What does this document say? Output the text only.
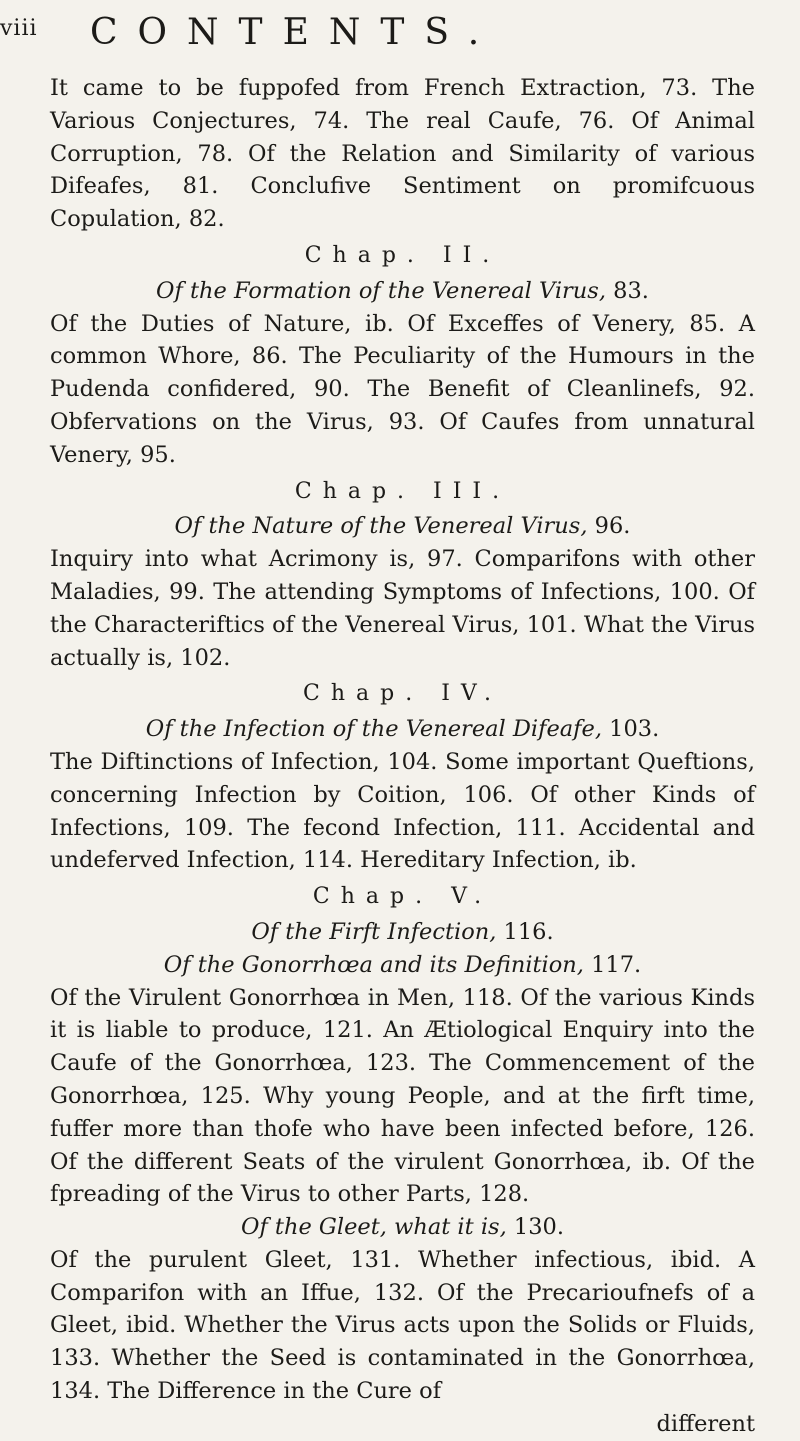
viii CONTENTS.

It came to be fuppofed from French Extraction, 73. The Various Conjectures, 74. The real Caufe, 76. Of Animal Corruption, 78. Of the Relation and Similarity of various Difeafes, 81. Conclufive Sentiment on promifcuous Copulation, 82.

Chap. II.

Of the Formation of the Venereal Virus, 83.

Of the Duties of Nature, ib. Of Exceffes of Venery, 85. A common Whore, 86. The Peculiarity of the Humours in the Pudenda confidered, 90. The Benefit of Cleanlinefs, 92. Obfervations on the Virus, 93. Of Caufes from unnatural Venery, 95.

Chap. III.

Of the Nature of the Venereal Virus, 96.

Inquiry into what Acrimony is, 97. Comparifons with other Maladies, 99. The attending Symptoms of Infections, 100. Of the Characteriftics of the Venereal Virus, 101. What the Virus actually is, 102.

Chap. IV.

Of the Infection of the Venereal Difeafe, 103.

The Diftinctions of Infection, 104. Some important Queftions, concerning Infection by Coition, 106. Of other Kinds of Infections, 109. The fecond Infection, 111. Accidental and undeferved Infection, 114. Hereditary Infection, ib.

Chap. V.

Of the Firft Infection, 116.

Of the Gonorrhœa and its Definition, 117.

Of the Virulent Gonorrhœa in Men, 118. Of the various Kinds it is liable to produce, 121. An Ætiological Enquiry into the Caufe of the Gonorrhœa, 123. The Commencement of the Gonorrhœa, 125. Why young People, and at the firft time, fuffer more than thofe who have been infected before, 126. Of the different Seats of the virulent Gonorrhœa, ib. Of the fpreading of the Virus to other Parts, 128.

Of the Gleet, what it is, 130.

Of the purulent Gleet, 131. Whether infectious, ibid. A Comparifon with an Iffue, 132. Of the Precarioufnefs of a Gleet, ibid. Whether the Virus acts upon the Solids or Fluids, 133. Whether the Seed is contaminated in the Gonorrhœa, 134. The Difference in the Cure of

different
